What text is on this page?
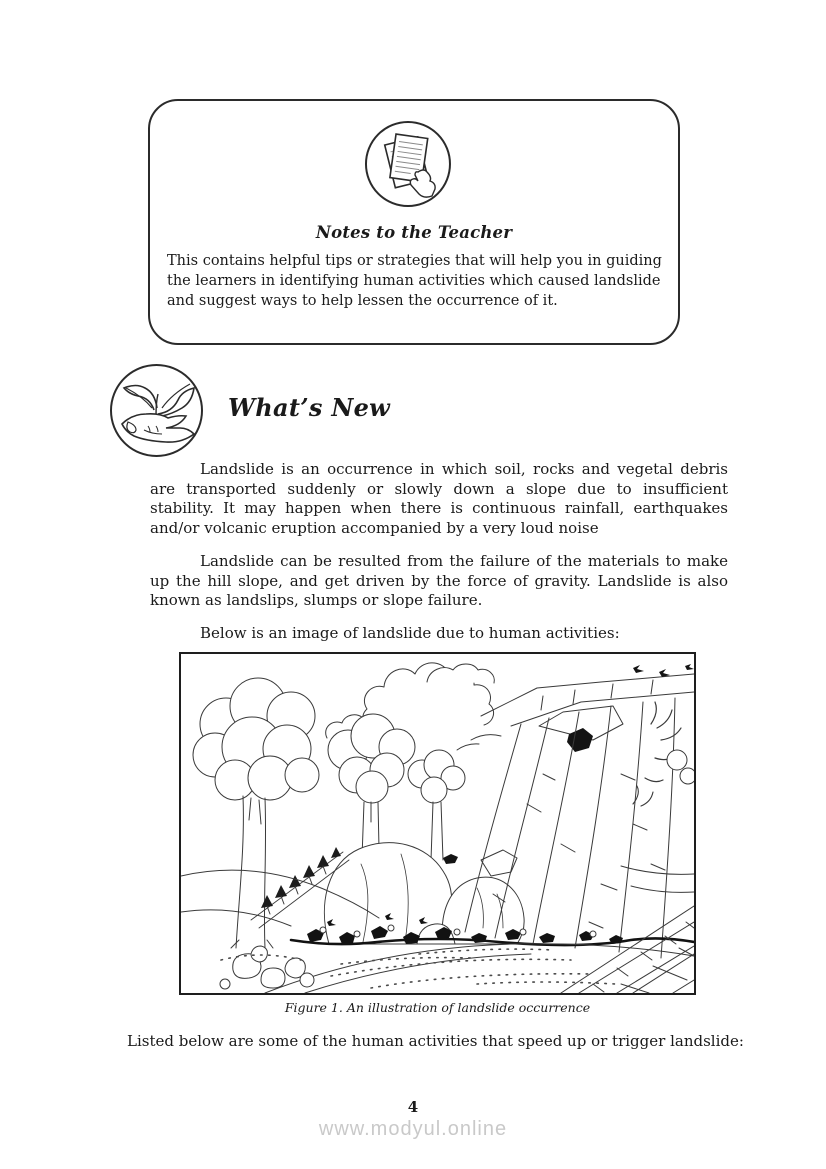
Notes to the Teacher
This contains helpful tips or strategies that will help you in guiding the learners in identifying human activities which caused landslide and suggest ways to help lessen the occurrence of it.
What’s New

Landslide is an occurrence in which soil, rocks and vegetal debris are transported suddenly or slowly down a slope due to insufficient stability. It may happen when there is continuous rainfall, earthquakes and/or volcanic eruption accompanied by a very loud noise

Landslide can be resulted from the failure of the materials to make up the hill slope, and get driven by the force of gravity. Landslide is also known as landslips, slumps or slope failure.

Below is an image of landslide due to human activities:

Figure 1. An illustration of landslide occurrence
Listed below are some of the human activities that speed up or trigger landslide:
4
www.modyul.online
